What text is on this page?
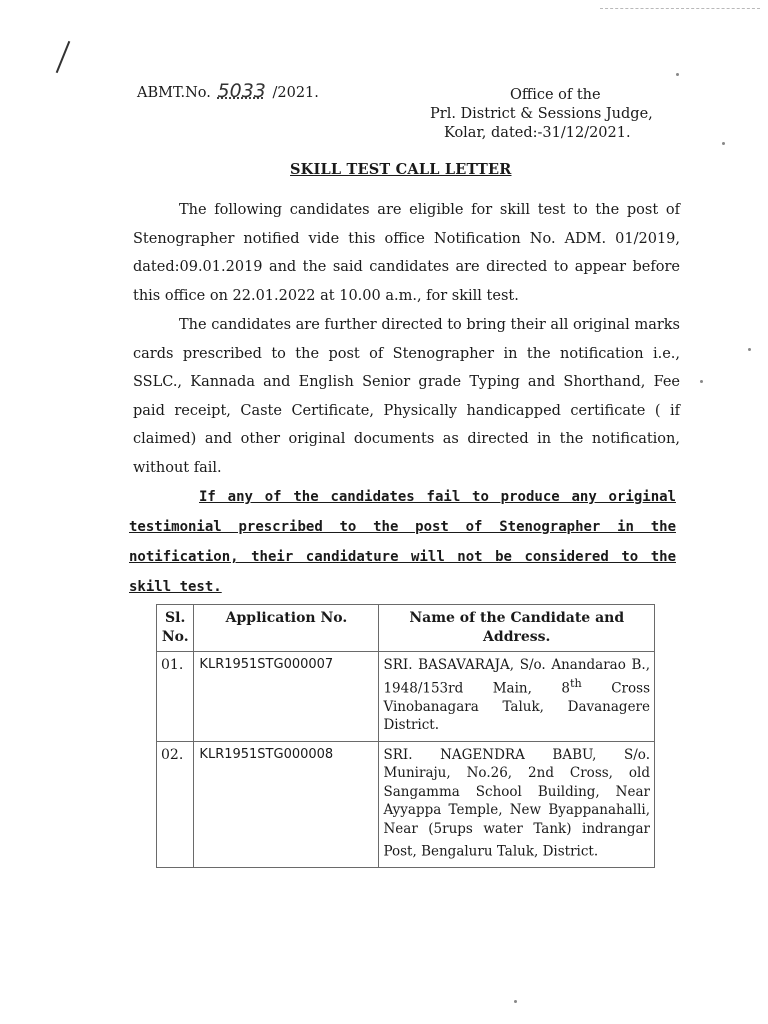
ABMT.No. 5033 /2021.	Office of the
Prl. District & Sessions Judge,
Kolar, dated:-31/12/2021.
SKILL TEST CALL LETTER
The following candidates are eligible for skill test to the post of Stenographer notified vide this office Notification No. ADM. 01/2019, dated:09.01.2019 and the said candidates are directed to appear before this office on 22.01.2022 at 10.00 a.m., for skill test.
The candidates are further directed to bring their all original marks cards prescribed to the post of Stenographer in the notification i.e., SSLC., Kannada and English Senior grade Typing and Shorthand, Fee paid receipt, Caste Certificate, Physically handicapped certificate ( if claimed) and other original documents as directed in the notification, without fail.
If any of the candidates fail to produce any original testimonial prescribed to the post of Stenographer in the notification, their candidature will not be considered to the skill test.
Sl. No.	Application No.	Name of the Candidate and Address.
01.	KLR1951STG000007	SRI. BASAVARAJA, S/o. Anandarao B., 1948/153rd Main, 8th Cross Vinobanagara Taluk, Davanagere District.
02.	KLR1951STG000008	SRI. NAGENDRA BABU, S/o. Muniraju, No.26, 2nd Cross, old Sangamma School Building, Near Ayyappa Temple, New Byappanahalli, Near (5rups water Tank) indrangar Post, Bengaluru Taluk, District.
